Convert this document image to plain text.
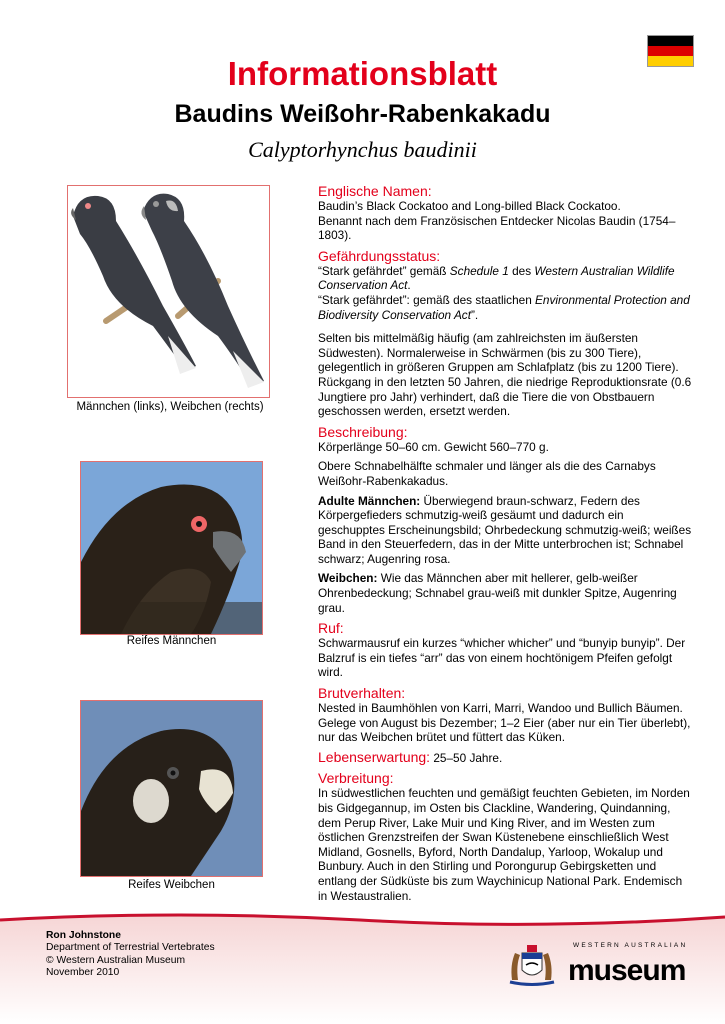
Informationsblatt
Baudins Weißohr-Rabenkakadu
Calyptorhynchus baudinii
Männchen (links), Weibchen (rechts)
Reifes Männchen
Reifes Weibchen
Englische Namen:
Baudin’s Black Cockatoo and Long-billed Black Cockatoo.

Benannt nach dem Französischen Entdecker Nicolas Baudin (1754–1803).

Gefährdungsstatus:
“Stark gefährdet” gemäß Schedule 1 des Western Australian Wildlife Conservation Act.

“Stark gefährdet”: gemäß des staatlichen Environmental Protection and Biodiversity Conservation Act”.

Selten bis mittelmäßig häufig (am zahlreichsten im äußersten Südwesten). Normalerweise in Schwärmen (bis zu 300 Tiere), gelegentlich in größeren Gruppen am Schlafplatz (bis zu 1200 Tiere). Rückgang in den letzten 50 Jahren, die niedrige Reproduktionsrate (0.6 Jungtiere pro Jahr) verhindert, daß die Tiere die von Obstbauern geschossen werden, ersetzt werden.

Beschreibung:

Körperlänge 50–60 cm. Gewicht 560–770 g.

Obere Schnabelhälfte schmaler und länger als die des Carnabys Weißohr-Rabenkakadus.

Adulte Männchen: Überwiegend braun-schwarz, Federn des Körpergefieders schmutzig-weiß gesäumt und dadurch ein geschupptes Erscheinungsbild; Ohrbedeckung schmutzig-weiß; weißes Band in den Steuerfedern, das in der Mitte unterbrochen ist; Schnabel schwarz; Augenring rosa.

Weibchen: Wie das Männchen aber mit hellerer, gelb-weißer Ohrenbedeckung; Schnabel grau-weiß mit dunkler Spitze, Augenring grau.

Ruf:

Schwarmausruf ein kurzes “whicher whicher” und “bunyip bunyip”. Der Balzruf is ein tiefes “arr” das von einem hochtönigem Pfeifen gefolgt wird.

Brutverhalten:

Nested in Baumhöhlen von Karri, Marri, Wandoo und Bullich Bäumen. Gelege von August bis Dezember; 1–2 Eier (aber nur ein Tier überlebt), nur das Weibchen brütet und füttert das Küken.

Lebenserwartung: 25–50 Jahre.

Verbreitung:

In südwestlichen feuchten und gemäßigt feuchten Gebieten, im Norden bis Gidgegannup, im Osten bis Clackline, Wandering, Quindanning, dem Perup River, Lake Muir und King River, and im Westen zum östlichen Grenzstreifen der Swan Küstenebene einschließlich West Midland, Gosnells, Byford, North Dandalup, Yarloop, Wokalup und Bunbury. Auch in den Stirling und Porongurup Gebirgsketten und entlang der Südküste bis zum Waychinicup National Park. Endemisch in Westaustralien.

Ron Johnstone
Department of Terrestrial Vertebrates
© Western Australian Museum
November 2010
WESTERN AUSTRALIAN
museum
